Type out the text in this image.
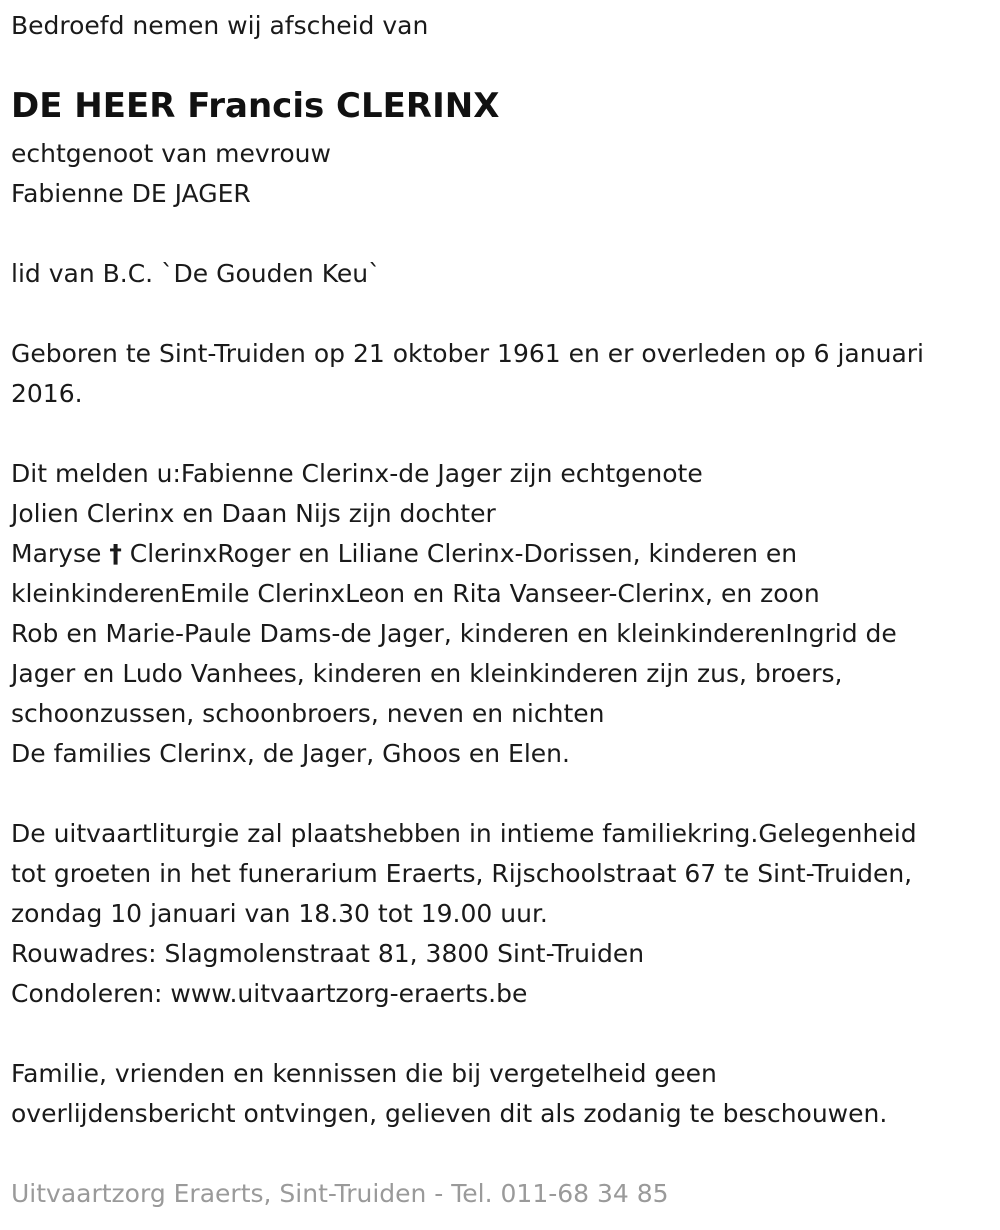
Bedroefd nemen wij afscheid van

DE HEER Francis CLERINX

echtgenoot van mevrouw

Fabienne DE JAGER

lid van B.C. `De Gouden Keu`

Geboren te Sint-Truiden op 21 oktober 1961 en er overleden op 6 januari

2016.

Dit melden u:Fabienne Clerinx-de Jager zijn echtgenote

Jolien Clerinx en Daan Nijs zijn dochter

Maryse † ClerinxRoger en Liliane Clerinx-Dorissen, kinderen en

kleinkinderenEmile ClerinxLeon en Rita Vanseer-Clerinx, en zoon

Rob en Marie-Paule Dams-de Jager, kinderen en kleinkinderenIngrid de

Jager en Ludo Vanhees, kinderen en kleinkinderen zijn zus, broers,

schoonzussen, schoonbroers, neven en nichten

De families Clerinx, de Jager, Ghoos en Elen.

De uitvaartliturgie zal plaatshebben in intieme familiekring.Gelegenheid

tot groeten in het funerarium Eraerts, Rijschoolstraat 67 te Sint-Truiden,

zondag 10 januari van 18.30 tot 19.00 uur.

Rouwadres: Slagmolenstraat 81, 3800 Sint-Truiden

Condoleren: www.uitvaartzorg-eraerts.be

Familie, vrienden en kennissen die bij vergetelheid geen

overlijdensbericht ontvingen, gelieven dit als zodanig te beschouwen.

Uitvaartzorg Eraerts, Sint-Truiden - Tel. 011-68 34 85
